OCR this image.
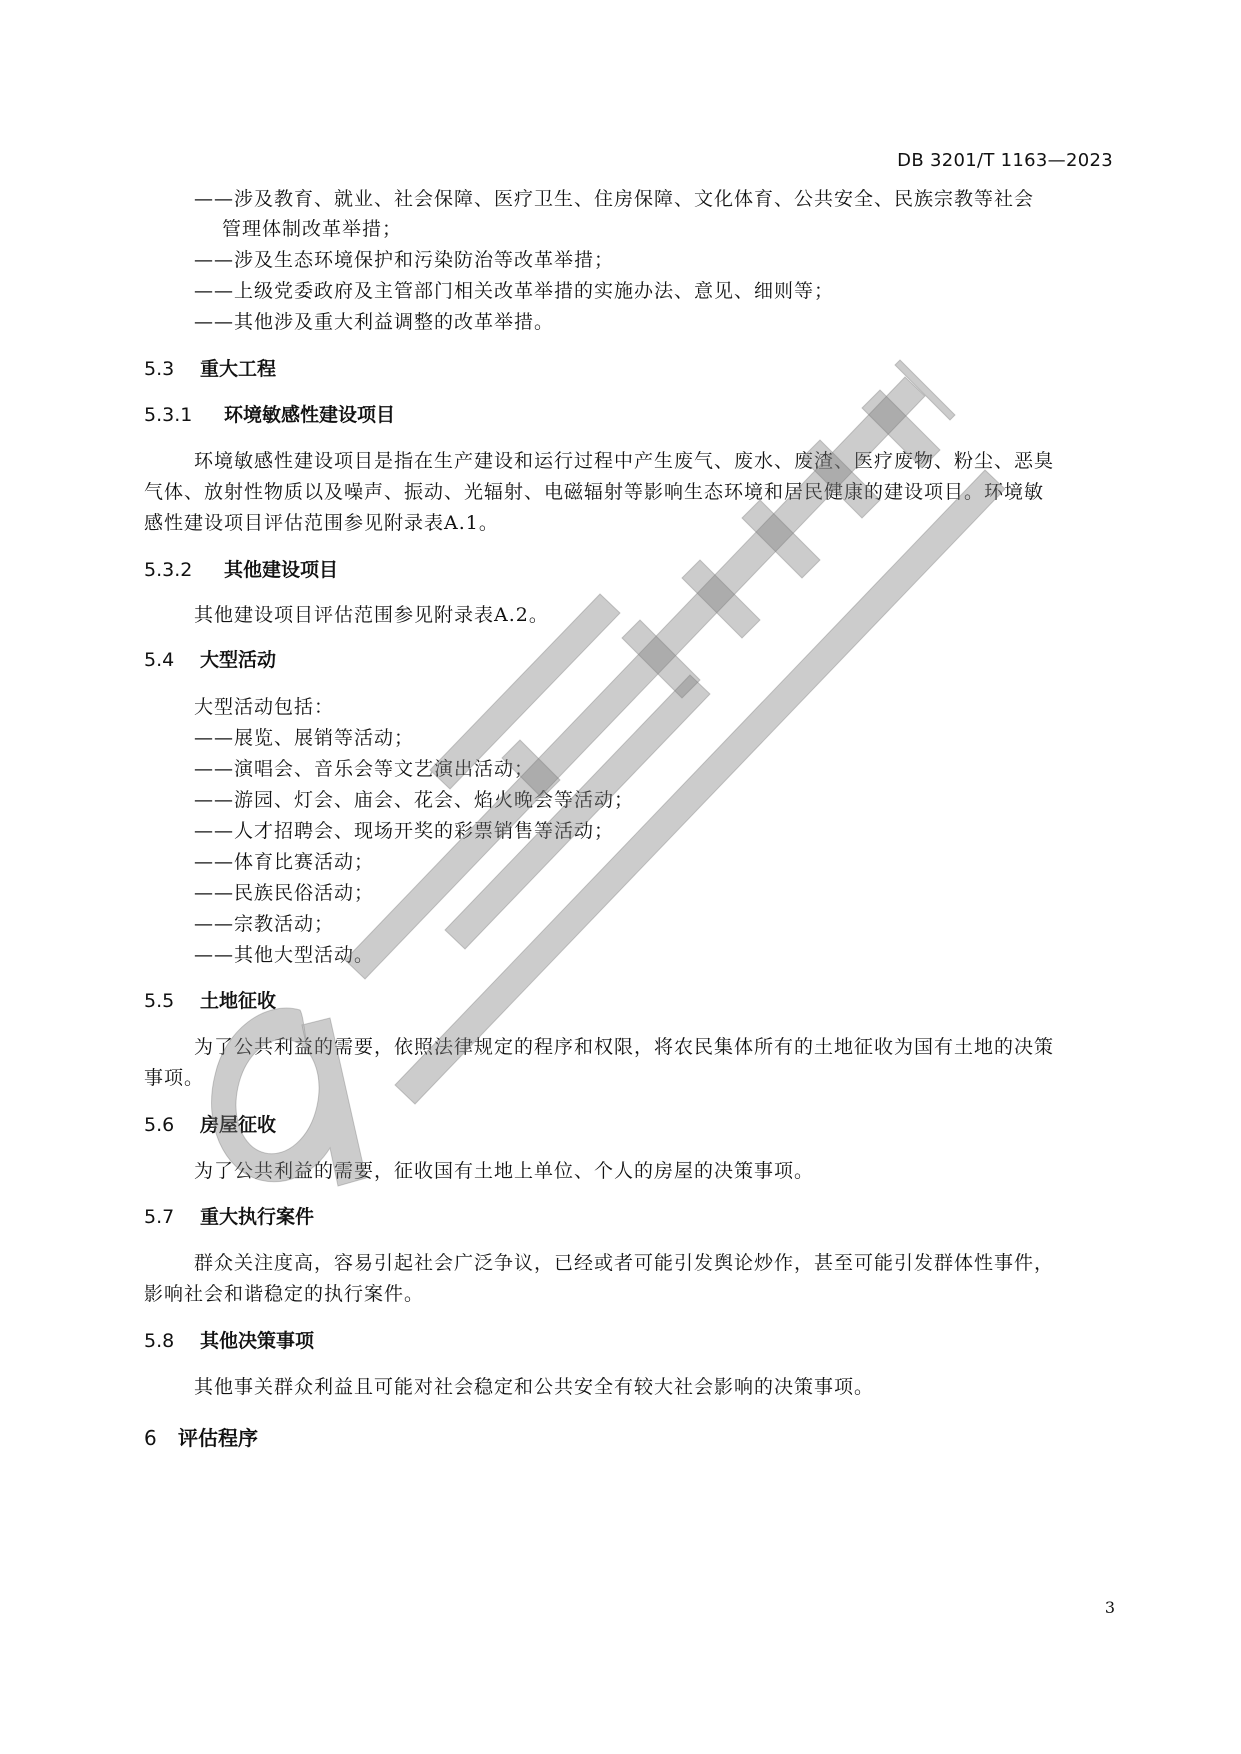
DB 3201/T 1163—2023
——涉及教育、就业、社会保障、医疗卫生、住房保障、文化体育、公共安全、民族宗教等社会
管理体制改革举措；
——涉及生态环境保护和污染防治等改革举措；
——上级党委政府及主管部门相关改革举措的实施办法、意见、细则等；
——其他涉及重大利益调整的改革举措。
5.3 重大工程
5.3.1 环境敏感性建设项目
环境敏感性建设项目是指在生产建设和运行过程中产生废气、废水、废渣、医疗废物、粉尘、恶臭
气体、放射性物质以及噪声、振动、光辐射、电磁辐射等影响生态环境和居民健康的建设项目。环境敏
感性建设项目评估范围参见附录表A.1。
5.3.2 其他建设项目
其他建设项目评估范围参见附录表A.2。
5.4 大型活动
大型活动包括：
——展览、展销等活动；
——演唱会、音乐会等文艺演出活动；
——游园、灯会、庙会、花会、焰火晚会等活动；
——人才招聘会、现场开奖的彩票销售等活动；
——体育比赛活动；
——民族民俗活动；
——宗教活动；
——其他大型活动。
5.5 土地征收
为了公共利益的需要，依照法律规定的程序和权限，将农民集体所有的土地征收为国有土地的决策
事项。
5.6 房屋征收
为了公共利益的需要，征收国有土地上单位、个人的房屋的决策事项。
5.7 重大执行案件
群众关注度高，容易引起社会广泛争议，已经或者可能引发舆论炒作，甚至可能引发群体性事件，
影响社会和谐稳定的执行案件。
5.8 其他决策事项
其他事关群众利益且可能对社会稳定和公共安全有较大社会影响的决策事项。
6 评估程序
3
